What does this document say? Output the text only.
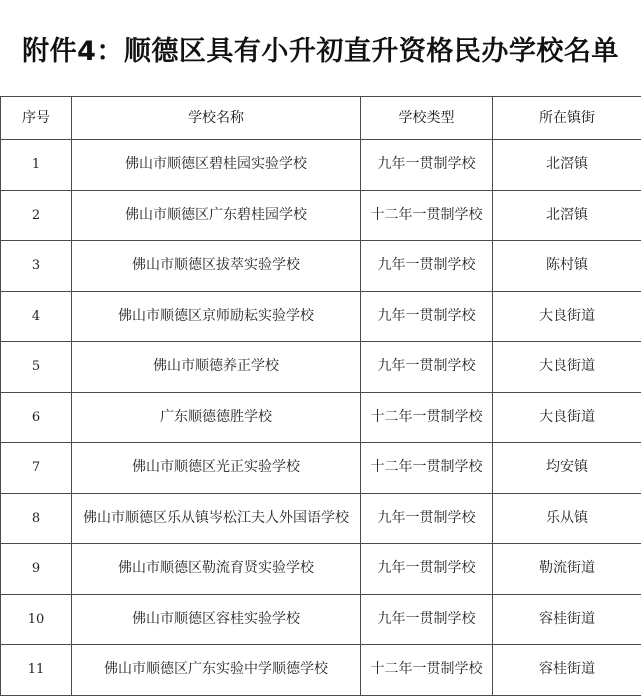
附件4：顺德区具有小升初直升资格民办学校名单
序号	学校名称	学校类型	所在镇街
1	佛山市顺德区碧桂园实验学校	九年一贯制学校	北滘镇
2	佛山市顺德区广东碧桂园学校	十二年一贯制学校	北滘镇
3	佛山市顺德区拔萃实验学校	九年一贯制学校	陈村镇
4	佛山市顺德区京师励耘实验学校	九年一贯制学校	大良街道
5	佛山市顺德养正学校	九年一贯制学校	大良街道
6	广东顺德德胜学校	十二年一贯制学校	大良街道
7	佛山市顺德区光正实验学校	十二年一贯制学校	均安镇
8	佛山市顺德区乐从镇岑松江夫人外国语学校	九年一贯制学校	乐从镇
9	佛山市顺德区勒流育贤实验学校	九年一贯制学校	勒流街道
10	佛山市顺德区容桂实验学校	九年一贯制学校	容桂街道
11	佛山市顺德区广东实验中学顺德学校	十二年一贯制学校	容桂街道
